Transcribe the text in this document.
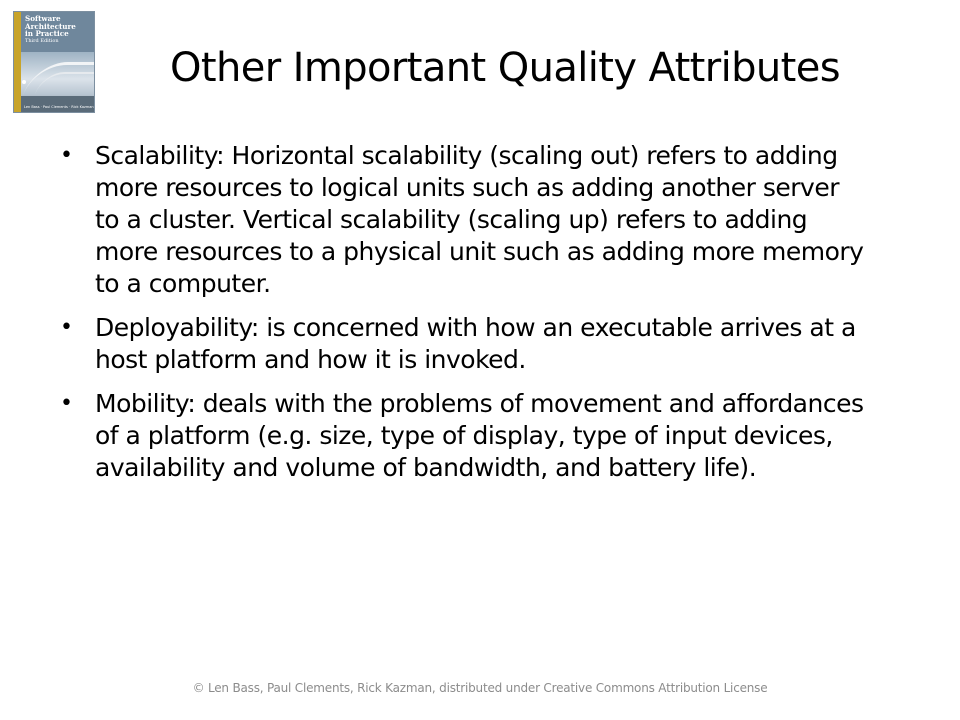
Software
Architecture
in Practice
Third Edition
Len Bass · Paul Clements · Rick Kazman
Other Important Quality Attributes
• Scalability: Horizontal scalability (scaling out) refers to adding more resources to logical units such as adding another server to a cluster. Vertical scalability (scaling up) refers to adding more resources to a physical unit such as adding more memory to a computer.
• Deployability: is concerned with how an executable arrives at a host platform and how it is invoked.
• Mobility: deals with the problems of movement and affordances of a platform (e.g. size, type of display, type of input devices, availability and volume of bandwidth, and battery life).
© Len Bass, Paul Clements, Rick Kazman, distributed under Creative Commons Attribution License
